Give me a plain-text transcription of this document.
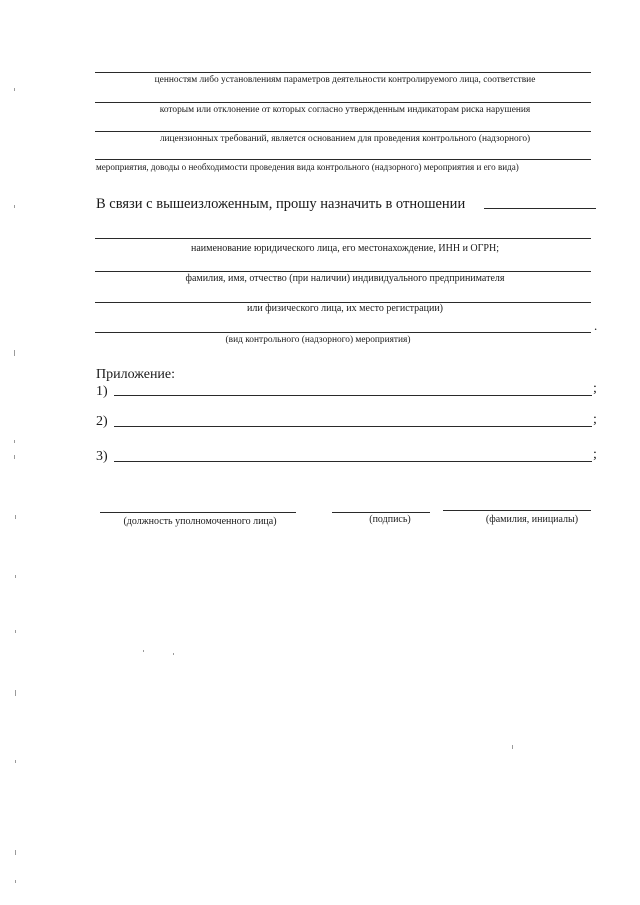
ценностям либо установлениям параметров деятельности контролируемого лица, соответствие
которым или отклонение от которых согласно утвержденным индикаторам риска нарушения
лицензионных требований, является основанием для проведения контрольного (надзорного)
мероприятия, доводы о необходимости проведения вида контрольного (надзорного) мероприятия и его вида)
В связи с вышеизложенным, прошу назначить в отношении
наименование юридического лица, его местонахождение, ИНН и ОГРН;
фамилия, имя, отчество (при наличии) индивидуального предпринимателя
или физического лица, их место регистрации)
.
(вид контрольного (надзорного) мероприятия)
Приложение:
1)	;
2)	;
3)	;
(должность уполномоченного лица)	(подпись)	(фамилия, инициалы)
